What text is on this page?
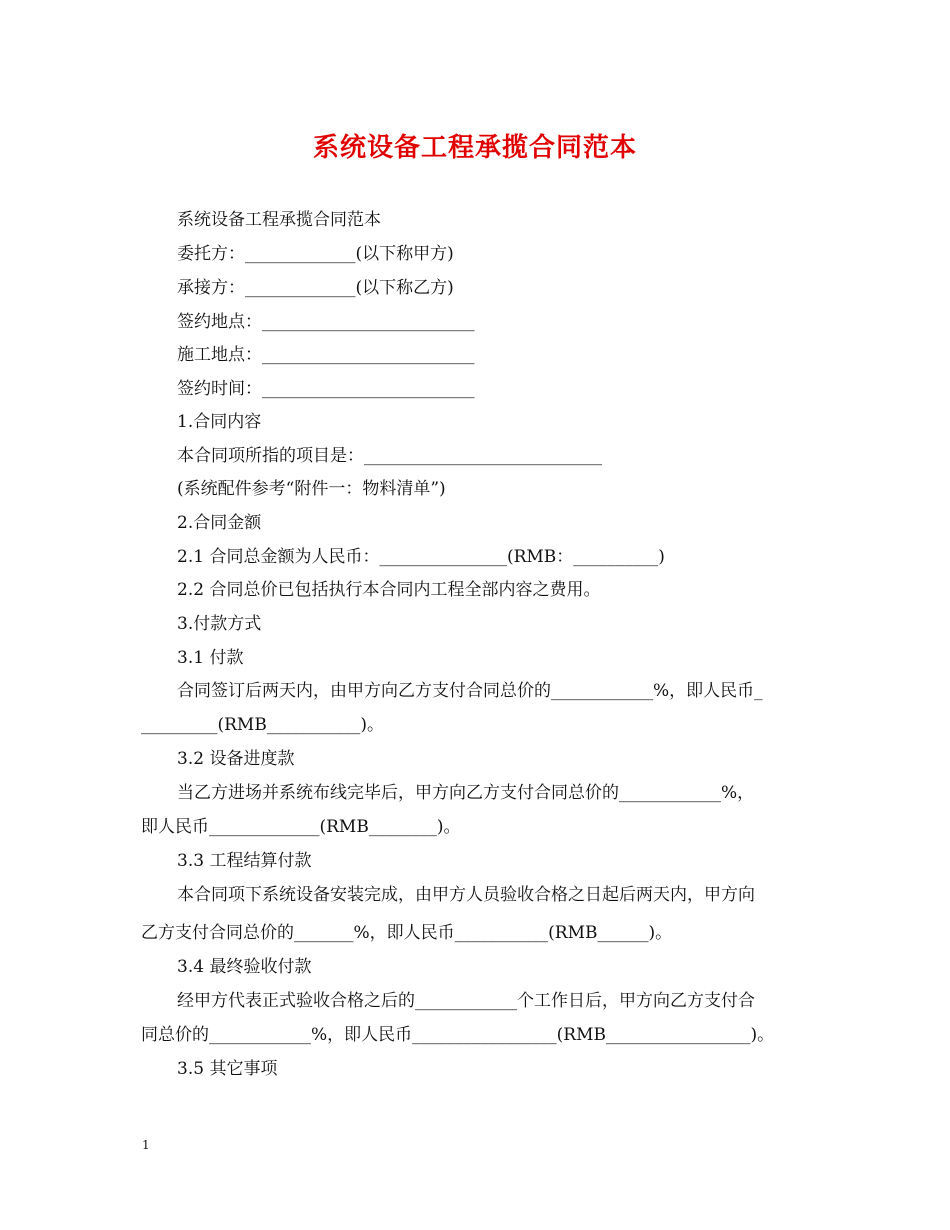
系统设备工程承揽合同范本
系统设备工程承揽合同范本
委托方：_____________(以下称甲方)
承接方：_____________(以下称乙方)
签约地点：_________________________
施工地点：_________________________
签约时间：_________________________
1.合同内容
本合同项所指的项目是：____________________________
(系统配件参考“附件一：物料清单”)
2.合同金额
2.1 合同总金额为人民币：_______________(RMB：__________)
2.2 合同总价已包括执行本合同内工程全部内容之费用。
3.付款方式
3.1 付款
合同签订后两天内，由甲方向乙方支付合同总价的____________%，即人民币_
_________(RMB___________)。
3.2 设备进度款
当乙方进场并系统布线完毕后，甲方向乙方支付合同总价的____________%，
即人民币_____________(RMB________)。
3.3 工程结算付款
本合同项下系统设备安装完成，由甲方人员验收合格之日起后两天内，甲方向
乙方支付合同总价的_______%，即人民币___________(RMB______)。
3.4 最终验收付款
经甲方代表正式验收合格之后的____________个工作日后，甲方向乙方支付合
同总价的____________%，即人民币_________________(RMB_________________)。
3.5 其它事项
1
